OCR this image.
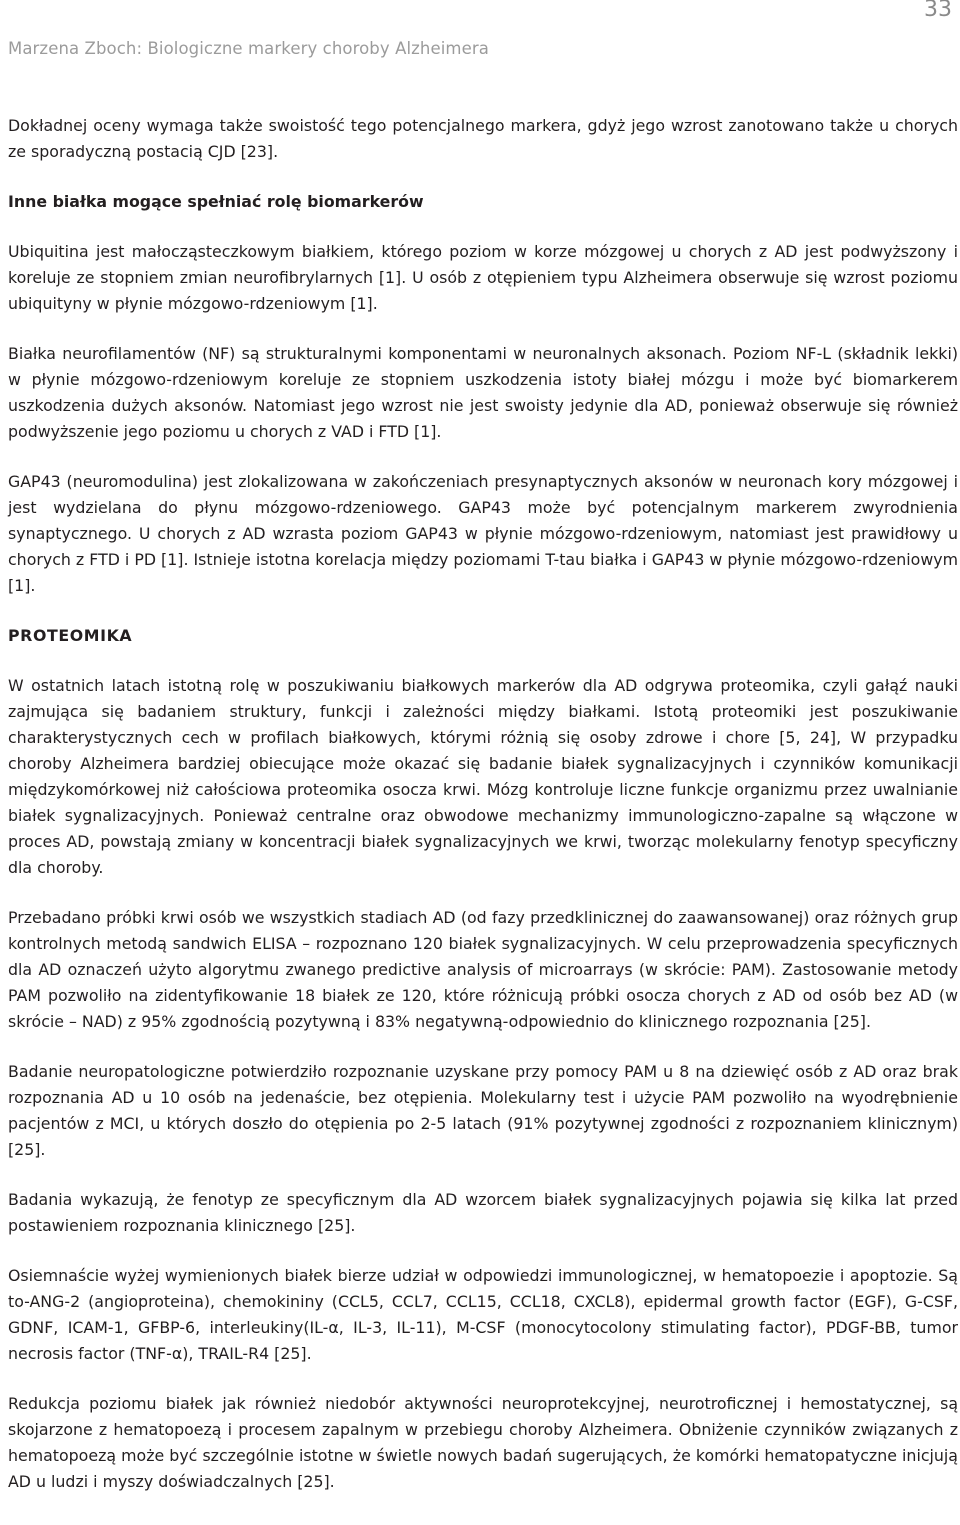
33

Marzena Zboch: Biologiczne markery choroby Alzheimera

Dokładnej oceny wymaga także swoistość tego potencjalnego markera, gdyż jego wzrost zanotowano także u chorych ze sporadyczną postacią CJD [23].

Inne białka mogące spełniać rolę biomarkerów

Ubiquitina jest małocząsteczkowym białkiem, którego poziom w korze mózgowej u chorych z AD jest podwyższony i koreluje ze stopniem zmian neurofibrylarnych [1]. U osób z otępieniem typu Alzheimera obserwuje się wzrost poziomu ubiquityny w płynie mózgowo-rdzeniowym [1].

Białka neurofilamentów (NF) są strukturalnymi komponentami w neuronalnych aksonach. Poziom NF-L (składnik lekki) w płynie mózgowo-rdzeniowym koreluje ze stopniem uszkodzenia istoty białej mózgu i może być biomarkerem uszkodzenia dużych aksonów. Natomiast jego wzrost nie jest swoisty jedynie dla AD, ponieważ obserwuje się również podwyższenie jego poziomu u chorych z VAD i FTD [1].

GAP43 (neuromodulina) jest zlokalizowana w zakończeniach presynaptycznych aksonów w neuronach kory mózgowej i jest wydzielana do płynu mózgowo-rdzeniowego. GAP43 może być potencjalnym markerem zwyrodnienia synaptycznego. U chorych z AD wzrasta poziom GAP43 w płynie mózgowo-rdzeniowym, natomiast jest prawidłowy u chorych z FTD i PD [1]. Istnieje istotna korelacja między poziomami T-tau białka i GAP43 w płynie mózgowo-rdzeniowym [1].

PROTEOMIKA

W ostatnich latach istotną rolę w poszukiwaniu białkowych markerów dla AD odgrywa proteomika, czyli gałąź nauki zajmująca się badaniem struktury, funkcji i zależności między białkami. Istotą proteomiki jest poszukiwanie charakterystycznych cech w profilach białkowych, którymi różnią się osoby zdrowe i chore [5, 24], W przypadku choroby Alzheimera bardziej obiecujące może okazać się badanie białek sygnalizacyjnych i czynników komunikacji międzykomórkowej niż całościowa proteomika osocza krwi. Mózg kontroluje liczne funkcje organizmu przez uwalnianie białek sygnalizacyjnych. Ponieważ centralne oraz obwodowe mechanizmy immunologiczno-zapalne są włączone w proces AD, powstają zmiany w koncentracji białek sygnalizacyjnych we krwi, tworząc molekularny fenotyp specyficzny dla choroby.

Przebadano próbki krwi osób we wszystkich stadiach AD (od fazy przedklinicznej do zaawansowanej) oraz różnych grup kontrolnych metodą sandwich ELISA – rozpoznano 120 białek sygnalizacyjnych. W celu przeprowadzenia specyficznych dla AD oznaczeń użyto algorytmu zwanego predictive analysis of microarrays (w skrócie: PAM). Zastosowanie metody PAM pozwoliło na zidentyfikowanie 18 białek ze 120, które różnicują próbki osocza chorych z AD od osób bez AD (w skrócie – NAD) z 95% zgodnością pozytywną i 83% negatywną-odpowiednio do klinicznego rozpoznania [25].

Badanie neuropatologiczne potwierdziło rozpoznanie uzyskane przy pomocy PAM u 8 na dziewięć osób z AD oraz brak rozpoznania AD u 10 osób na jedenaście, bez otępienia. Molekularny test i użycie PAM pozwoliło na wyodrębnienie pacjentów z MCI, u których doszło do otępienia po 2-5 latach (91% pozytywnej zgodności z rozpoznaniem klinicznym) [25].

Badania wykazują, że fenotyp ze specyficznym dla AD wzorcem białek sygnalizacyjnych pojawia się kilka lat przed postawieniem rozpoznania klinicznego [25].

Osiemnaście wyżej wymienionych białek bierze udział w odpowiedzi immunologicznej, w hematopoezie i apoptozie. Są to-ANG-2 (angioproteina), chemokininy (CCL5, CCL7, CCL15, CCL18, CXCL8), epidermal growth factor (EGF), G-CSF, GDNF, ICAM-1, GFBP-6, interleukiny(IL-α, IL-3, IL-11), M-CSF (monocytocolony stimulating factor), PDGF-BB, tumor necrosis factor (TNF-α), TRAIL-R4 [25].

Redukcja poziomu białek jak również niedobór aktywności neuroprotekcyjnej, neurotroficznej i hemostatycznej, są skojarzone z hematopoezą i procesem zapalnym w przebiegu choroby Alzheimera. Obniżenie czynników związanych z hematopoezą może być szczególnie istotne w świetle nowych badań sugerujących, że komórki hematopatyczne inicjują AD u ludzi i myszy doświadczalnych [25].
